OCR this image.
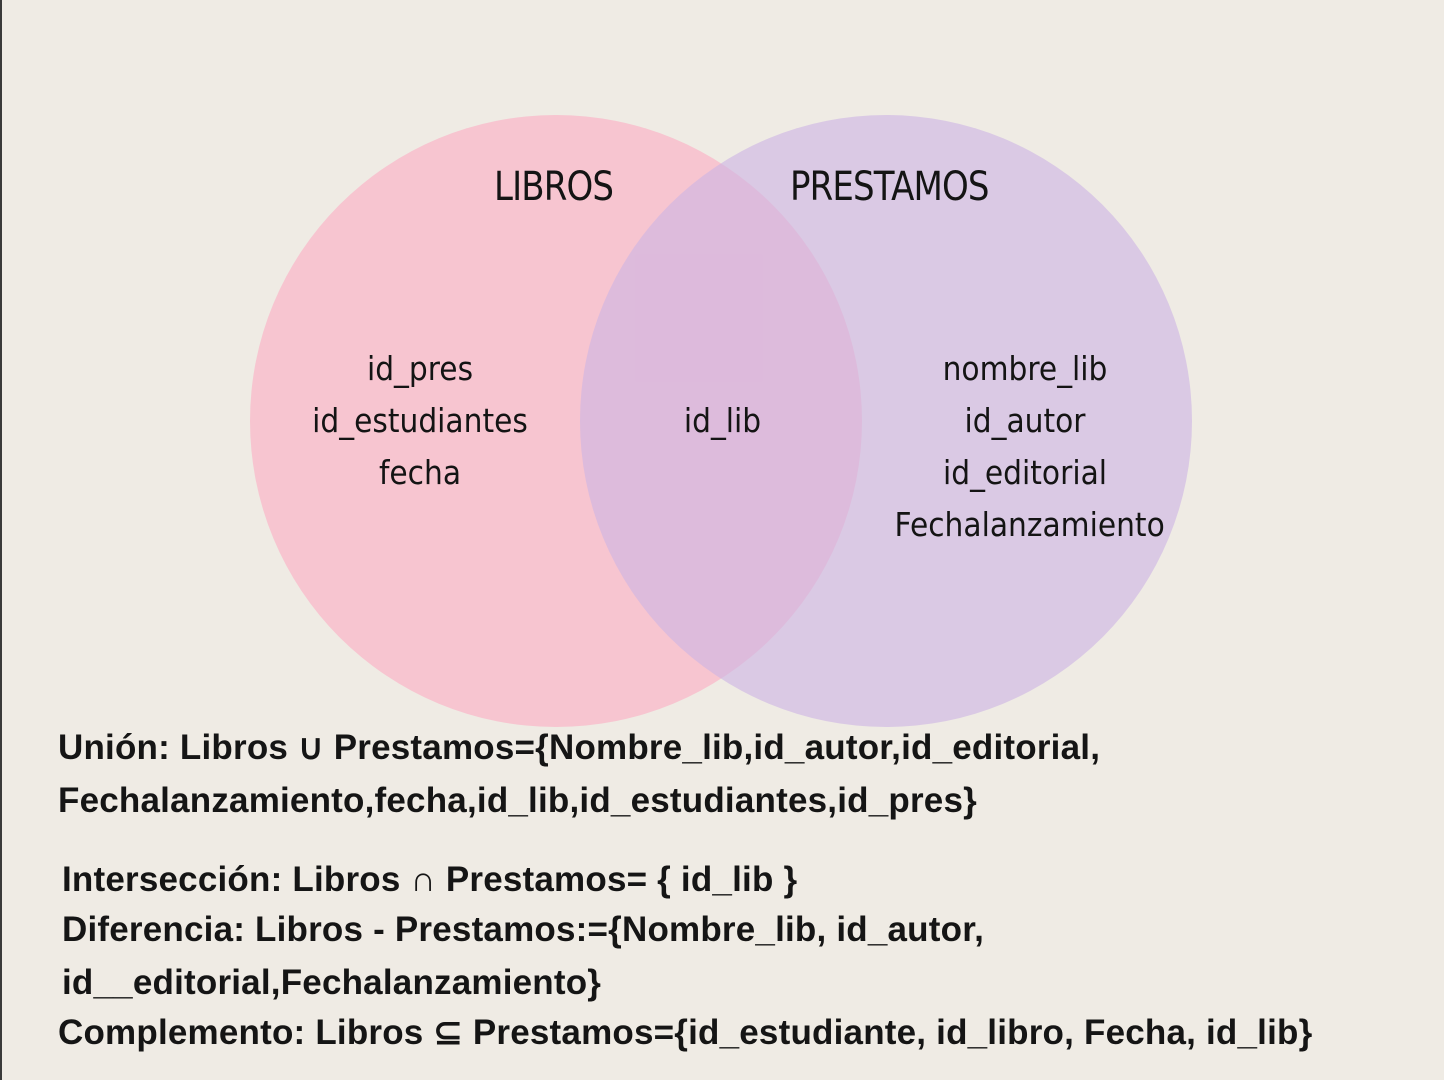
LIBROS	PRESTAMOS
id_pres
id_estudiantes
fecha
id_lib
nombre_lib
id_autor
id_editorial
Fechalanzamiento
Unión: Libros ∪ Prestamos={Nombre_lib,id_autor,id_editorial,
Fechalanzamiento,fecha,id_lib,id_estudiantes,id_pres}
Intersección: Libros ∩ Prestamos= { id_lib }
Diferencia: Libros - Prestamos:={Nombre_lib, id_autor,
id__editorial,Fechalanzamiento}
Complemento: Libros ⊆ Prestamos={id_estudiante, id_libro, Fecha, id_lib}
